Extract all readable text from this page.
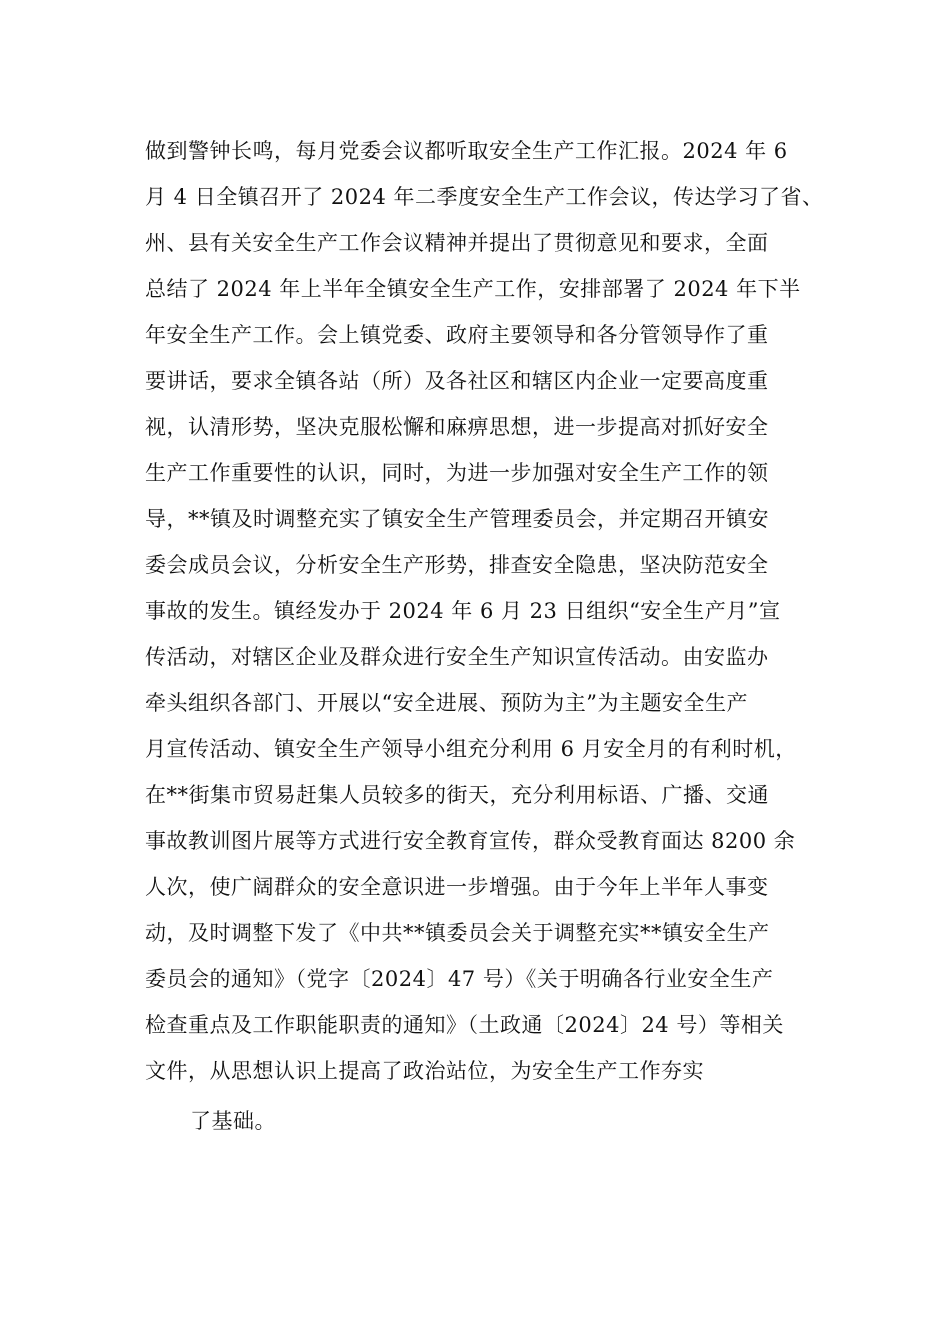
做到警钟长鸣，每月党委会议都听取安全生产工作汇报。2024 年 6
月 4 日全镇召开了 2024 年二季度安全生产工作会议，传达学习了省、
州、县有关安全生产工作会议精神并提出了贯彻意见和要求，全面
总结了 2024 年上半年全镇安全生产工作，安排部署了 2024 年下半
年安全生产工作。会上镇党委、政府主要领导和各分管领导作了重
要讲话，要求全镇各站（所）及各社区和辖区内企业一定要高度重
视，认清形势，坚决克服松懈和麻痹思想，进一步提高对抓好安全
生产工作重要性的认识，同时，为进一步加强对安全生产工作的领
导，**镇及时调整充实了镇安全生产管理委员会，并定期召开镇安
委会成员会议，分析安全生产形势，排查安全隐患，坚决防范安全
事故的发生。镇经发办于 2024 年 6 月 23 日组织“安全生产月”宣
传活动，对辖区企业及群众进行安全生产知识宣传活动。由安监办
牵头组织各部门、开展以“安全进展、预防为主”为主题安全生产
月宣传活动、镇安全生产领导小组充分利用 6 月安全月的有利时机，
在**街集市贸易赶集人员较多的街天，充分利用标语、广播、交通
事故教训图片展等方式进行安全教育宣传，群众受教育面达 8200 余
人次，使广阔群众的安全意识进一步增强。由于今年上半年人事变
动，及时调整下发了《中共**镇委员会关于调整充实**镇安全生产
委员会的通知》（党字〔2024〕47 号）《关于明确各行业安全生产
检查重点及工作职能职责的通知》（土政通〔2024〕24 号）等相关
文件，从思想认识上提高了政治站位，为安全生产工作夯实
了基础。
